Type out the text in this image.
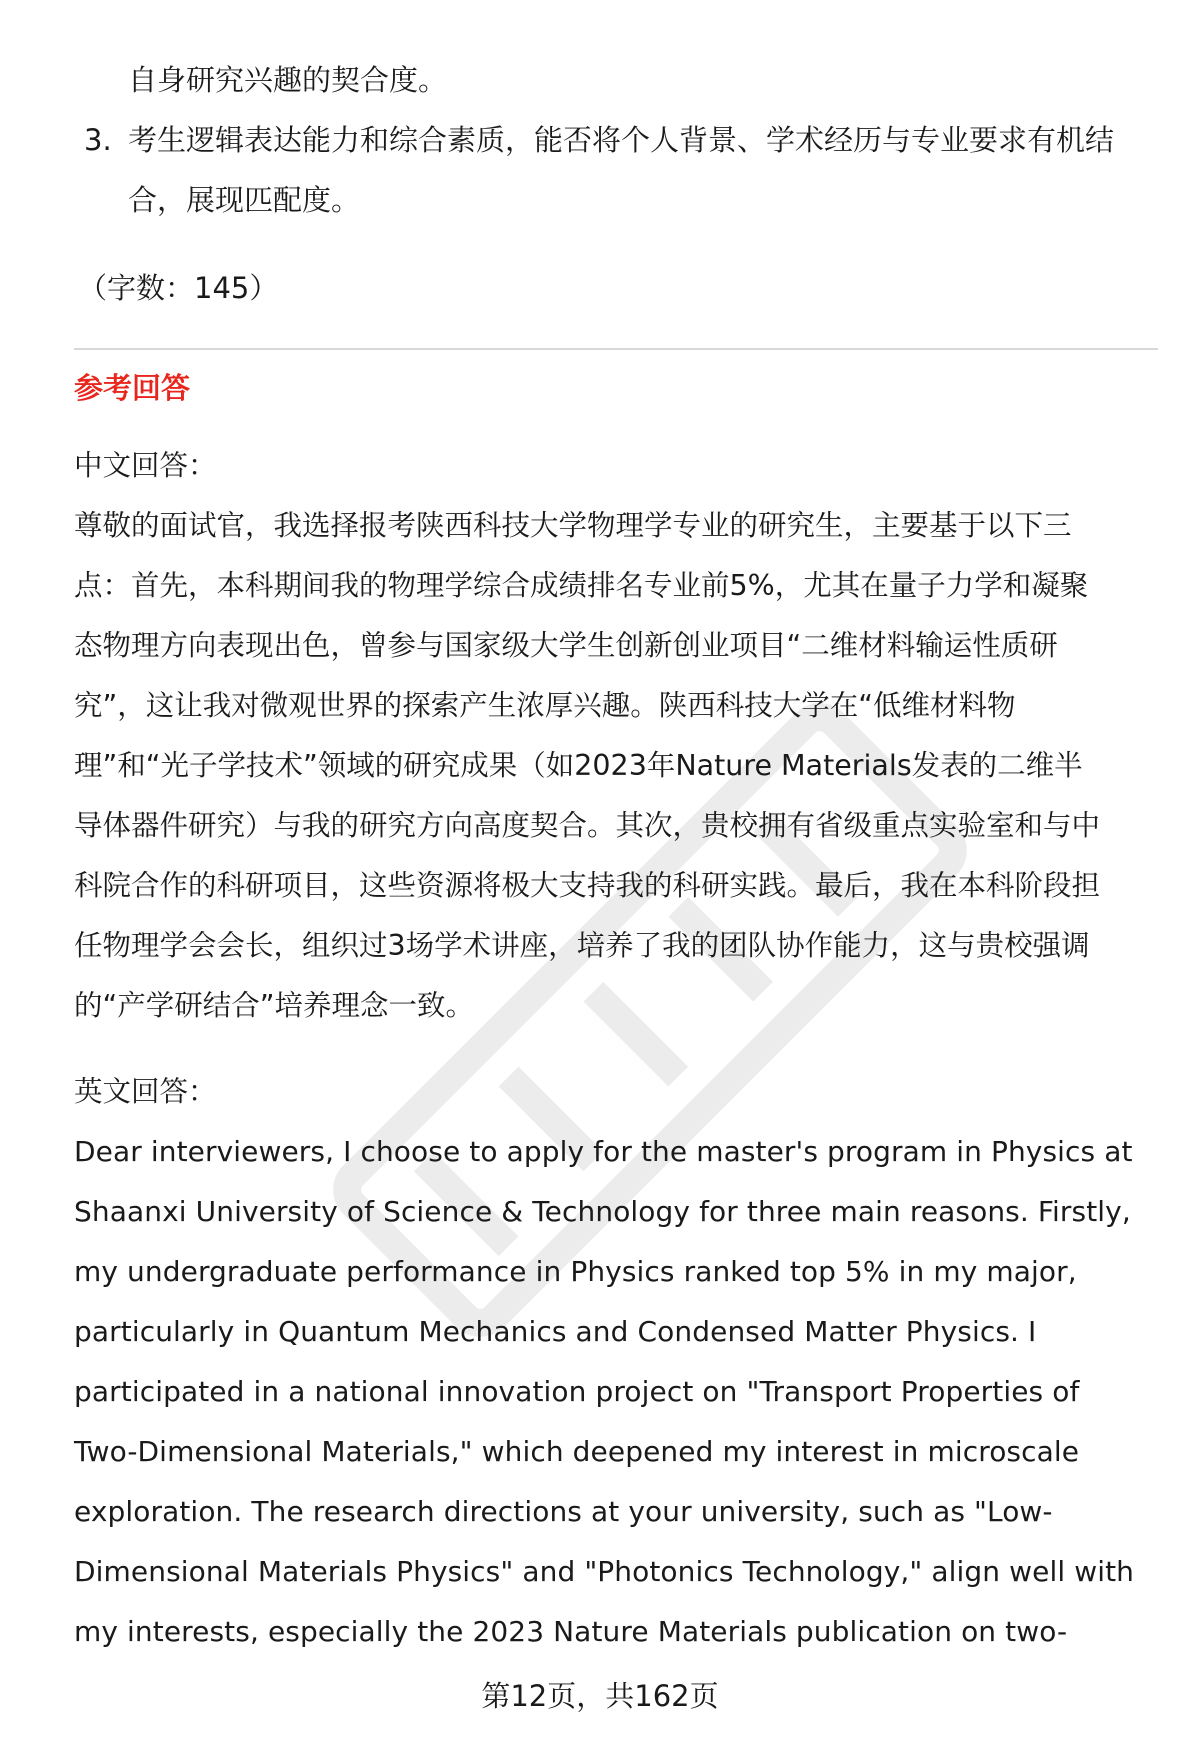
自身研究兴趣的契合度。
3. 考生逻辑表达能力和综合素质，能否将个人背景、学术经历与专业要求有机结
合，展现匹配度。
（字数：145）
参考回答
中文回答：
尊敬的面试官，我选择报考陕西科技大学物理学专业的研究生，主要基于以下三
点：首先，本科期间我的物理学综合成绩排名专业前5%，尤其在量子力学和凝聚
态物理方向表现出色，曾参与国家级大学生创新创业项目“二维材料输运性质研
究”，这让我对微观世界的探索产生浓厚兴趣。陕西科技大学在“低维材料物
理”和“光子学技术”领域的研究成果（如2023年Nature Materials发表的二维半
导体器件研究）与我的研究方向高度契合。其次，贵校拥有省级重点实验室和与中
科院合作的科研项目，这些资源将极大支持我的科研实践。最后，我在本科阶段担
任物理学会会长，组织过3场学术讲座，培养了我的团队协作能力，这与贵校强调
的“产学研结合”培养理念一致。
英文回答：
Dear interviewers, I choose to apply for the master's program in Physics at
Shaanxi University of Science & Technology for three main reasons. Firstly,
my undergraduate performance in Physics ranked top 5% in my major,
particularly in Quantum Mechanics and Condensed Matter Physics. I
participated in a national innovation project on "Transport Properties of
Two-Dimensional Materials," which deepened my interest in microscale
exploration. The research directions at your university, such as "Low-
Dimensional Materials Physics" and "Photonics Technology," align well with
my interests, especially the 2023 Nature Materials publication on two-
第12页，共162页
